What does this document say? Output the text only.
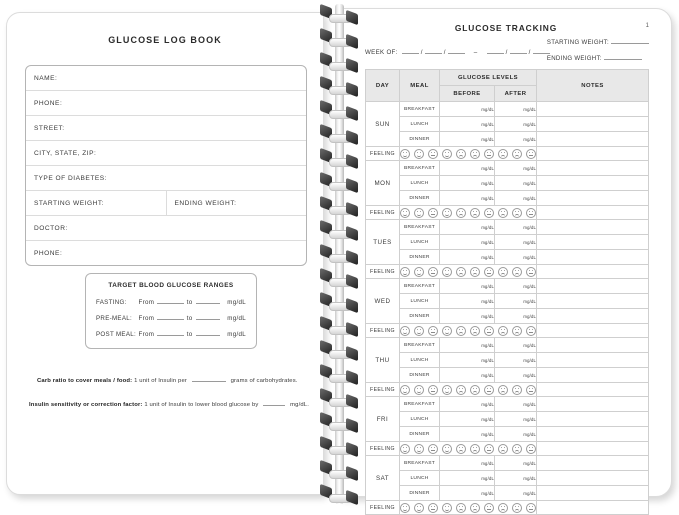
GLUCOSE LOG BOOK
NAME:
PHONE:
STREET:
CITY, STATE, ZIP:
TYPE OF DIABETES:
STARTING WEIGHT:	ENDING WEIGHT:
DOCTOR:
PHONE:
TARGET BLOOD GLUCOSE RANGES
FASTING:	From	to	mg/dL
PRE-MEAL:	From	to	mg/dL
POST MEAL: From	to	mg/dL
Carb ratio to cover meals / food: 1 unit of Insulin per	grams of carbohydrates.
Insulin sensitivity or correction factor: 1 unit of Insulin to lower blood glucose by	mg/dL.
GLUCOSE TRACKING	1
WEEK OF:	/	/	–	/	/
STARTING WEIGHT:
ENDING WEIGHT:
DAY	MEAL	GLUCOSE LEVELS		NOTES
		BEFORE	AFTER	
SUN	BREAKFAST	mg/dL	mg/dL	
	LUNCH	mg/dL	mg/dL	
	DINNER	mg/dL	mg/dL	
FEELING			

MON	BREAKFAST	mg/dL	mg/dL	
	LUNCH	mg/dL	mg/dL	
	DINNER	mg/dL	mg/dL	
FEELING			

TUES	BREAKFAST	mg/dL	mg/dL	
	LUNCH	mg/dL	mg/dL	
	DINNER	mg/dL	mg/dL	
FEELING			

WED	BREAKFAST	mg/dL	mg/dL	
	LUNCH	mg/dL	mg/dL	
	DINNER	mg/dL	mg/dL	
FEELING			

THU	BREAKFAST	mg/dL	mg/dL	
	LUNCH	mg/dL	mg/dL	
	DINNER	mg/dL	mg/dL	
FEELING			

FRI	BREAKFAST	mg/dL	mg/dL	
	LUNCH	mg/dL	mg/dL	
	DINNER	mg/dL	mg/dL	
FEELING			

SAT	BREAKFAST	mg/dL	mg/dL	
	LUNCH	mg/dL	mg/dL	
	DINNER	mg/dL	mg/dL	
FEELING			
